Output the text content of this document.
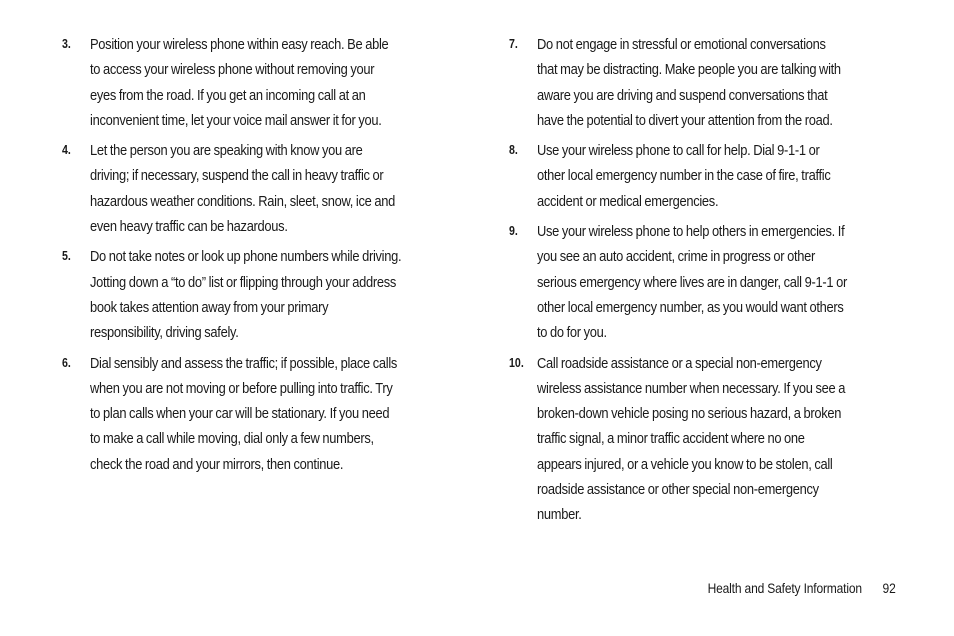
3.	Position your wireless phone within easy reach. Be able to access your wireless phone without removing your eyes from the road. If you get an incoming call at an inconvenient time, let your voice mail answer it for you.
4.	Let the person you are speaking with know you are driving; if necessary, suspend the call in heavy traffic or hazardous weather conditions. Rain, sleet, snow, ice and even heavy traffic can be hazardous.
5.	Do not take notes or look up phone numbers while driving. Jotting down a “to do” list or flipping through your address book takes attention away from your primary responsibility, driving safely.
6.	Dial sensibly and assess the traffic; if possible, place calls when you are not moving or before pulling into traffic. Try to plan calls when your car will be stationary. If you need to make a call while moving, dial only a few numbers, check the road and your mirrors, then continue.
7.	Do not engage in stressful or emotional conversations that may be distracting. Make people you are talking with aware you are driving and suspend conversations that have the potential to divert your attention from the road.
8.	Use your wireless phone to call for help. Dial 9-1-1 or other local emergency number in the case of fire, traffic accident or medical emergencies.
9.	Use your wireless phone to help others in emergencies. If you see an auto accident, crime in progress or other serious emergency where lives are in danger, call 9-1-1 or other local emergency number, as you would want others to do for you.
10. Call roadside assistance or a special non-emergency wireless assistance number when necessary. If you see a broken-down vehicle posing no serious hazard, a broken traffic signal, a minor traffic accident where no one appears injured, or a vehicle you know to be stolen, call roadside assistance or other special non-emergency number.
Health and Safety Information 92
